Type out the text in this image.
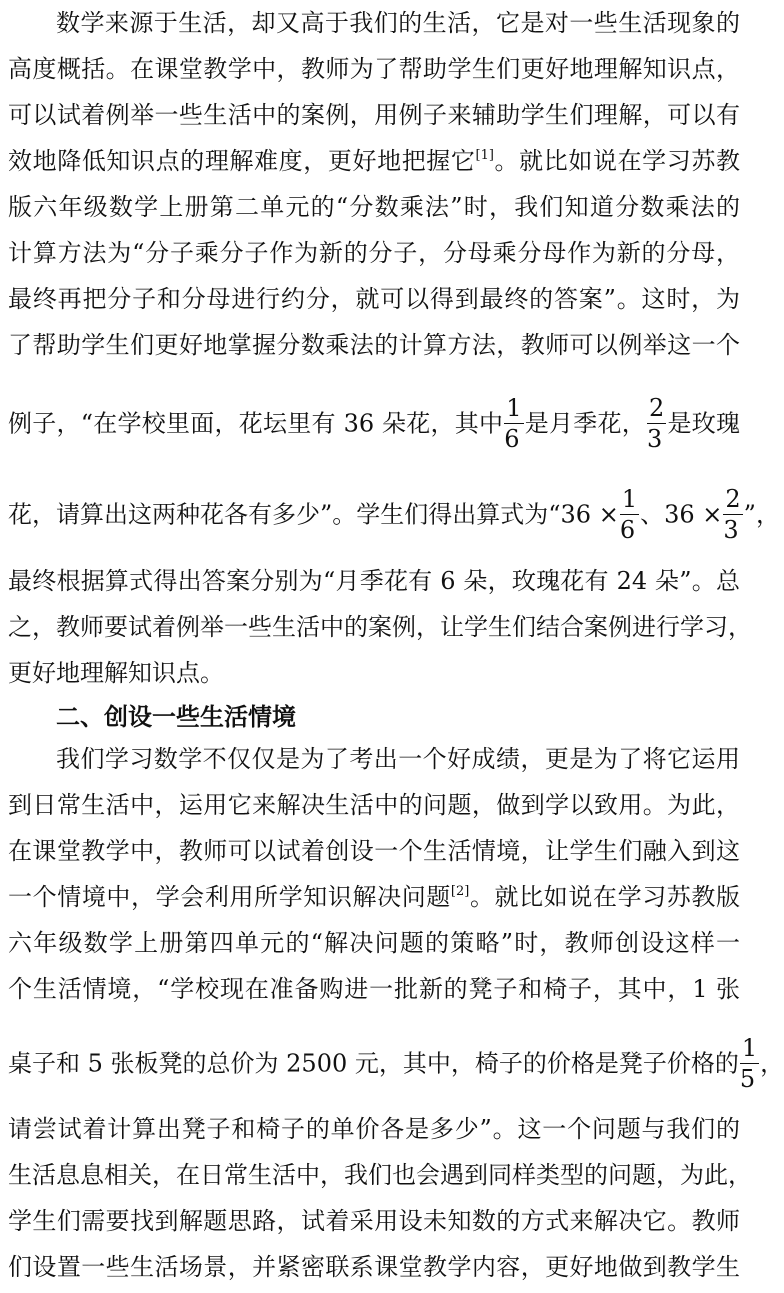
数学来源于生活，却又高于我们的生活，它是对一些生活现象的
高度概括。在课堂教学中，教师为了帮助学生们更好地理解知识点，
可以试着例举一些生活中的案例，用例子来辅助学生们理解，可以有
效地降低知识点的理解难度，更好地把握它[1]。就比如说在学习苏教
版六年级数学上册第二单元的“分数乘法”时，我们知道分数乘法的
计算方法为“分子乘分子作为新的分子，分母乘分母作为新的分母，
最终再把分子和分母进行约分，就可以得到最终的答案”。这时，为
了帮助学生们更好地掌握分数乘法的计算方法，教师可以例举这一个
例子，“在学校里面，花坛里有 36 朵花，其中 $\frac{1}{6}$ 是月季花， $\frac{2}{3}$ 是玫瑰
花，请算出这两种花各有多少”。学生们得出算式为“$36 \times \frac{1}{6}$ 、$36 \times \frac{2}{3}$ ”，
最终根据算式得出答案分别为“月季花有 6 朵，玫瑰花有 24 朵”。总
之，教师要试着例举一些生活中的案例，让学生们结合案例进行学习，
更好地理解知识点。
二、创设一些生活情境
我们学习数学不仅仅是为了考出一个好成绩，更是为了将它运用
到日常生活中，运用它来解决生活中的问题，做到学以致用。为此，
在课堂教学中，教师可以试着创设一个生活情境，让学生们融入到这
一个情境中，学会利用所学知识解决问题[2]。就比如说在学习苏教版
六年级数学上册第四单元的“解决问题的策略”时，教师创设这样一
个生活情境，“学校现在准备购进一批新的凳子和椅子，其中，1 张
桌子和 5 张板凳的总价为 2500 元，其中，椅子的价格是凳子价格的 $\frac{1}{5}$ ，
请尝试着计算出凳子和椅子的单价各是多少”。这一个问题与我们的
生活息息相关，在日常生活中，我们也会遇到同样类型的问题，为此，
学生们需要找到解题思路，试着采用设未知数的方式来解决它。教师
们设置一些生活场景，并紧密联系课堂教学内容，更好地做到教学生
